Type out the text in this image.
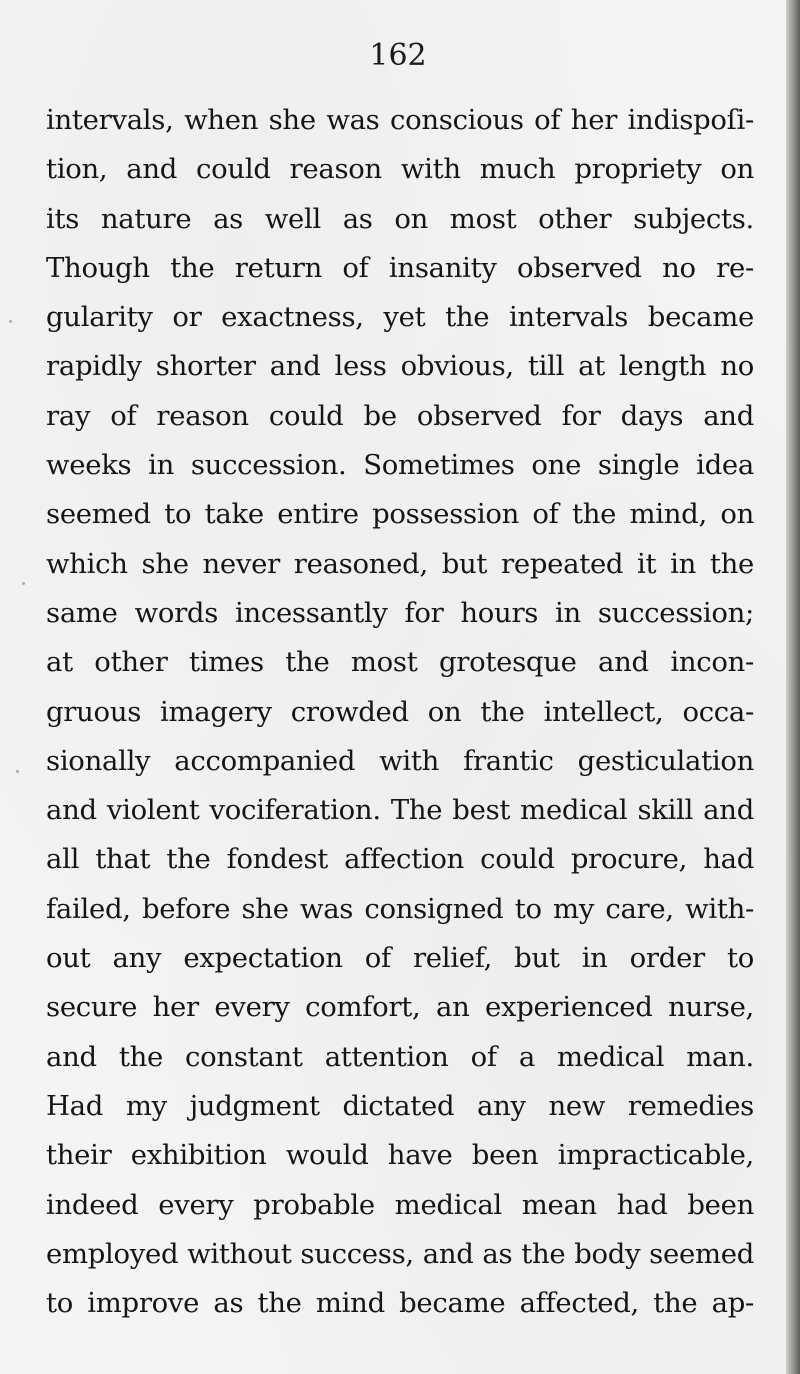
162

intervals, when she was conscious of her indispoſi-
tion, and could reason with much propriety on
its nature as well as on most other subjects.
Though the return of insanity observed no re-
gularity or exactness, yet the intervals became
rapidly shorter and less obvious, till at length no
ray of reason could be observed for days and
weeks in succession. Sometimes one single idea
seemed to take entire possession of the mind, on
which she never reasoned, but repeated it in the
same words incessantly for hours in succession;
at other times the most grotesque and incon-
gruous imagery crowded on the intellect, occa-
sionally accompanied with frantic gesticulation
and violent vociferation. The best medical skill and
all that the fondest affection could procure, had
failed, before she was consigned to my care, with-
out any expectation of relief, but in order to
secure her every comfort, an experienced nurse,
and the constant attention of a medical man.
Had my judgment dictated any new remedies
their exhibition would have been impracticable,
indeed every probable medical mean had been
employed without success, and as the body seemed
to improve as the mind became affected, the ap-
